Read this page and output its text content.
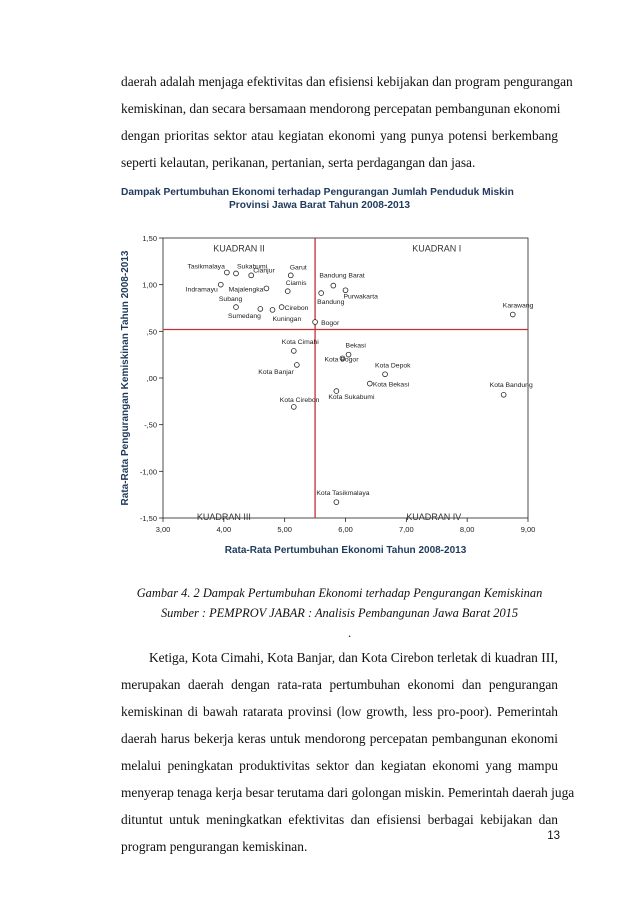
daerah adalah menjaga efektivitas dan efisiensi kebijakan dan program pengurangan
kemiskinan, dan secara bersamaan mendorong percepatan pembangunan ekonomi
dengan prioritas sektor atau kegiatan ekonomi yang punya potensi berkembang
seperti kelautan, perikanan, pertanian, serta perdagangan dan jasa.
Dampak Pertumbuhan Ekonomi terhadap Pengurangan Jumlah Penduduk Miskin
Provinsi Jawa Barat Tahun 2008-2013
1,50
1,00
,50
,00
-,50
-1,00
-1,50
3,00	4,00	5,00	6,00	7,00	8,00	9,00
KUADRAN II	KUADRAN I
KUADRAN III	KUADRAN IV
Tasikmalaya Sukabumi
Cianjur Garut
Indramayu Majalengka
Ciamis
Subang
Sumedang Kuningan
Cirebon
Bandung Barat
Bandung
Purwakarta
Bogor
Karawang
Kota Cimahi
Bekasi
Kota Bogor
Kota Banjar
Kota Depok
Kota Bekasi
Kota Sukabumi
Kota Bandung
Kota Cirebon
Kota Tasikmalaya
Rata-Rata Pertumbuhan Ekonomi Tahun 2008-2013
Rata-Rata Pengurangan Kemiskinan Tahun 2008-2013
Gambar 4. 2 Dampak Pertumbuhan Ekonomi terhadap Pengurangan Kemiskinan
Sumber : PEMPROV JABAR : Analisis Pembangunan Jawa Barat 2015
.
Ketiga, Kota Cimahi, Kota Banjar, dan Kota Cirebon terletak di kuadran III,
merupakan daerah dengan rata-rata pertumbuhan ekonomi dan pengurangan
kemiskinan di bawah ratarata provinsi (low growth, less pro-poor). Pemerintah
daerah harus bekerja keras untuk mendorong percepatan pembangunan ekonomi
melalui peningkatan produktivitas sektor dan kegiatan ekonomi yang mampu
menyerap tenaga kerja besar terutama dari golongan miskin. Pemerintah daerah juga
dituntut untuk meningkatkan efektivitas dan efisiensi berbagai kebijakan dan
program pengurangan kemiskinan.
13
